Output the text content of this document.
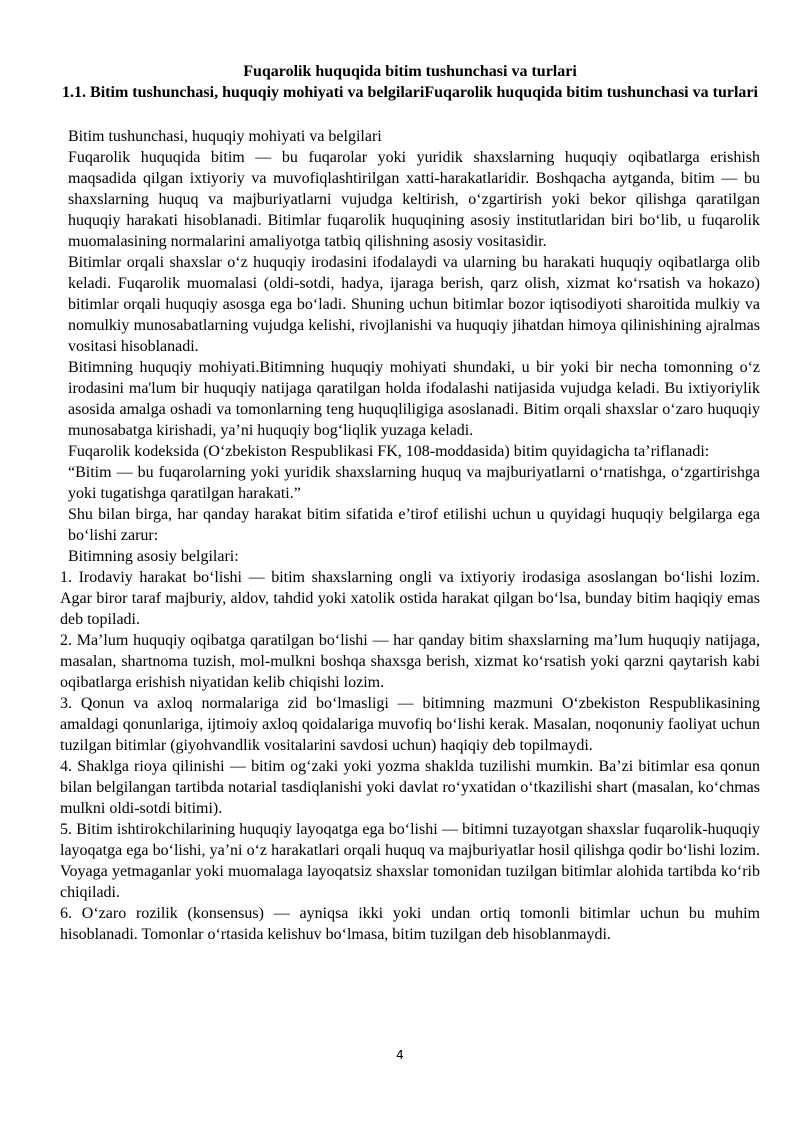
Fuqarolik huquqida bitim tushunchasi va turlari
1.1. Bitim tushunchasi, huquqiy mohiyati va belgilariFuqarolik huquqida bitim tushunchasi va turlari

Bitim tushunchasi, huquqiy mohiyati va belgilari

Fuqarolik huquqida bitim — bu fuqarolar yoki yuridik shaxslarning huquqiy oqibatlarga erishish maqsadida qilgan ixtiyoriy va muvofiqlashtirilgan xatti-harakatlaridir. Boshqacha aytganda, bitim — bu shaxslarning huquq va majburiyatlarni vujudga keltirish, o‘zgartirish yoki bekor qilishga qaratilgan huquqiy harakati hisoblanadi. Bitimlar fuqarolik huquqining asosiy institutlaridan biri bo‘lib, u fuqarolik muomalasining normalarini amaliyotga tatbiq qilishning asosiy vositasidir.

Bitimlar orqali shaxslar o‘z huquqiy irodasini ifodalaydi va ularning bu harakati huquqiy oqibatlarga olib keladi. Fuqarolik muomalasi (oldi-sotdi, hadya, ijaraga berish, qarz olish, xizmat ko‘rsatish va hokazo) bitimlar orqali huquqiy asosga ega bo‘ladi. Shuning uchun bitimlar bozor iqtisodiyoti sharoitida mulkiy va nomulkiy munosabatlarning vujudga kelishi, rivojlanishi va huquqiy jihatdan himoya qilinishining ajralmas vositasi hisoblanadi.

Bitimning huquqiy mohiyati.Bitimning huquqiy mohiyati shundaki, u bir yoki bir necha tomonning o‘z irodasini ma'lum bir huquqiy natijaga qaratilgan holda ifodalashi natijasida vujudga keladi. Bu ixtiyoriylik asosida amalga oshadi va tomonlarning teng huquqliligiga asoslanadi. Bitim orqali shaxslar o‘zaro huquqiy munosabatga kirishadi, ya’ni huquqiy bog‘liqlik yuzaga keladi.

Fuqarolik kodeksida (O‘zbekiston Respublikasi FK, 108-moddasida) bitim quyidagicha ta’riflanadi:

“Bitim — bu fuqarolarning yoki yuridik shaxslarning huquq va majburiyatlarni o‘rnatishga, o‘zgartirishga yoki tugatishga qaratilgan harakati.”

Shu bilan birga, har qanday harakat bitim sifatida e’tirof etilishi uchun u quyidagi huquqiy belgilarga ega bo‘lishi zarur:

Bitimning asosiy belgilari:

1. Irodaviy harakat bo‘lishi — bitim shaxslarning ongli va ixtiyoriy irodasiga asoslangan bo‘lishi lozim. Agar biror taraf majburiy, aldov, tahdid yoki xatolik ostida harakat qilgan bo‘lsa, bunday bitim haqiqiy emas deb topiladi.

2. Ma’lum huquqiy oqibatga qaratilgan bo‘lishi — har qanday bitim shaxslarning ma’lum huquqiy natijaga, masalan, shartnoma tuzish, mol-mulkni boshqa shaxsga berish, xizmat ko‘rsatish yoki qarzni qaytarish kabi oqibatlarga erishish niyatidan kelib chiqishi lozim.

3. Qonun va axloq normalariga zid bo‘lmasligi — bitimning mazmuni O‘zbekiston Respublikasining amaldagi qonunlariga, ijtimoiy axloq qoidalariga muvofiq bo‘lishi kerak. Masalan, noqonuniy faoliyat uchun tuzilgan bitimlar (giyohvandlik vositalarini savdosi uchun) haqiqiy deb topilmaydi.

4. Shaklga rioya qilinishi — bitim og‘zaki yoki yozma shaklda tuzilishi mumkin. Ba’zi bitimlar esa qonun bilan belgilangan tartibda notarial tasdiqlanishi yoki davlat ro‘yxatidan o‘tkazilishi shart (masalan, ko‘chmas mulkni oldi-sotdi bitimi).

5. Bitim ishtirokchilarining huquqiy layoqatga ega bo‘lishi — bitimni tuzayotgan shaxslar fuqarolik-huquqiy layoqatga ega bo‘lishi, ya’ni o‘z harakatlari orqali huquq va majburiyatlar hosil qilishga qodir bo‘lishi lozim. Voyaga yetmaganlar yoki muomalaga layoqatsiz shaxslar tomonidan tuzilgan bitimlar alohida tartibda ko‘rib chiqiladi.

6. O‘zaro rozilik (konsensus) — ayniqsa ikki yoki undan ortiq tomonli bitimlar uchun bu muhim hisoblanadi. Tomonlar o‘rtasida kelishuv bo‘lmasa, bitim tuzilgan deb hisoblanmaydi.

4
